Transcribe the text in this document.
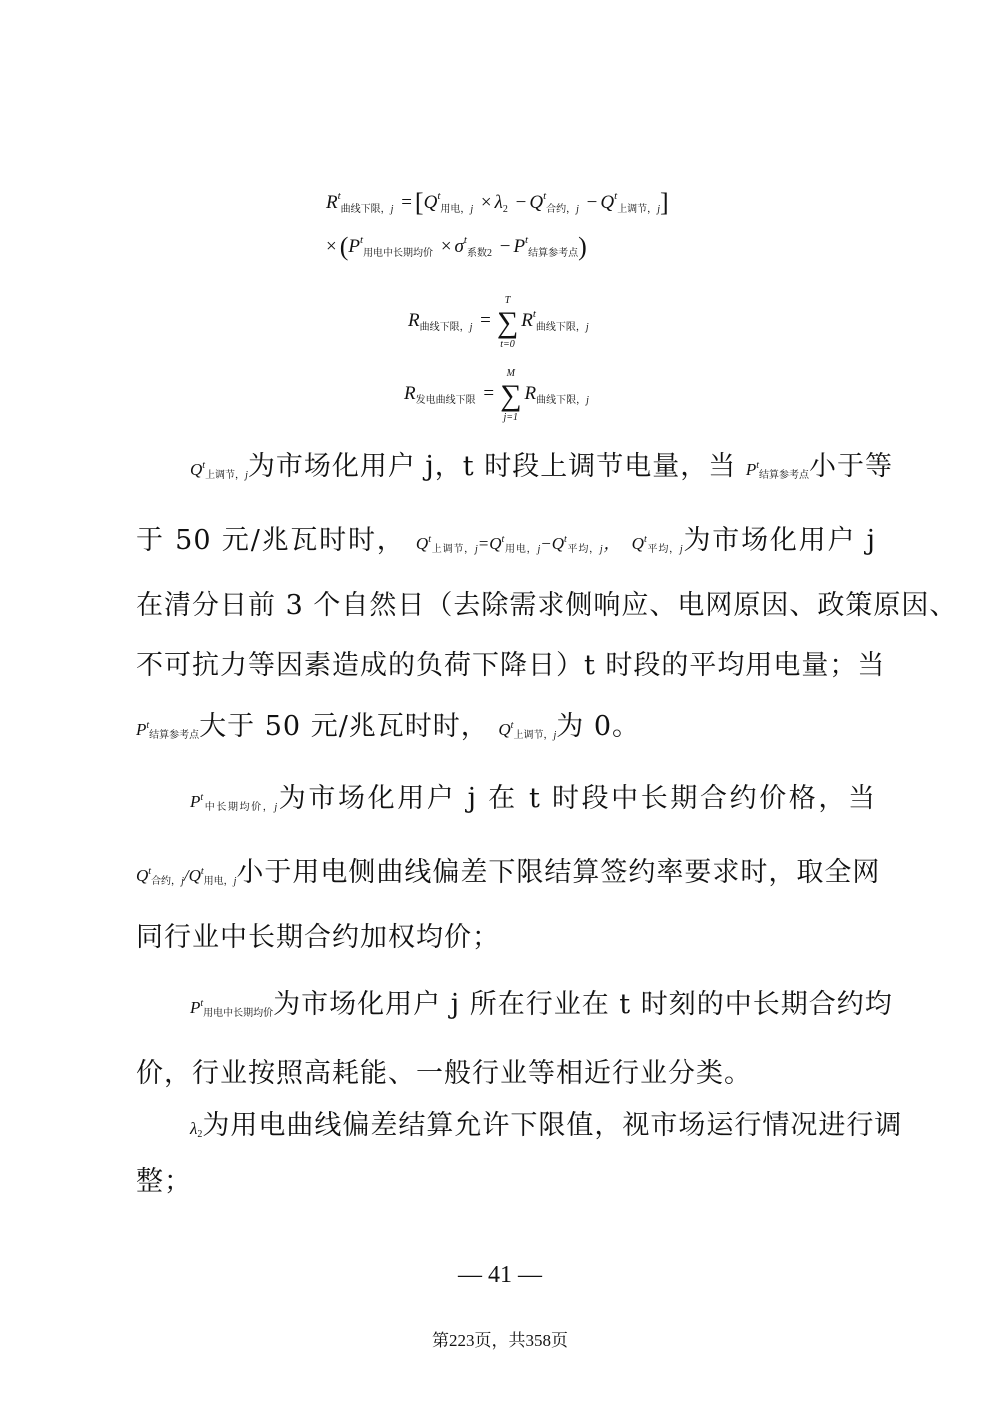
$R^t_{曲线下限,j} = [Q^t_{用电,j} \times \lambda_2 - Q^t_{合约,j} - Q^t_{上调节,j}]$
× $(P^t_{用电中长期均价} \times \sigma^t_{系数2} - P^t_{结算参考点})$
$R_{曲线下限,j}$ = ∑
T
t=0
$R^t_{曲线下限,j}$
$R_{发电曲线下限}$ = ∑
M
j=1
$R_{曲线下限,j}$
$Q^t_{上调节,j}$为市场化用户 j，t 时段上调节电量，当 $P^t_{结算参考点}$小于等
于 50 元/兆瓦时时， $Q^t_{上调节,j}=Q^t_{用电,j}-Q^t_{平均,j}$， $Q^t_{平均,j}$为市场化用户 j
在清分日前 3 个自然日（去除需求侧响应、电网原因、政策原因、
不可抗力等因素造成的负荷下降日）t 时段的平均用电量；当
$P^t_{结算参考点}$大于 50 元/兆瓦时时， $Q^t_{上调节,j}$为 0。
$P^t_{中长期均价,j}$为市场化用户 j 在 t 时段中长期合约价格，当
$Q^t_{合约,j}/Q^t_{用电,j}$小于用电侧曲线偏差下限结算签约率要求时，取全网
同行业中长期合约加权均价；
$P^t_{用电中长期均价}$为市场化用户 j 所在行业在 t 时刻的中长期合约均
价，行业按照高耗能、一般行业等相近行业分类。
$\lambda_2$为用电曲线偏差结算允许下限值，视市场运行情况进行调
整；
— 41 —
第223页，共358页
